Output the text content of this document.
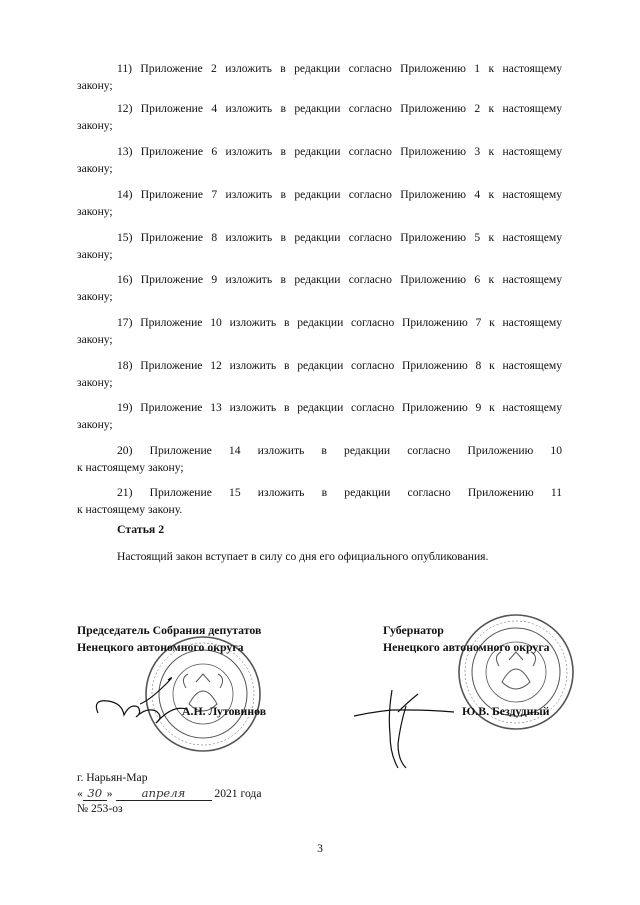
11) Приложение 2 изложить в редакции согласно Приложению 1 к настоящему
закону;
12) Приложение 4 изложить в редакции согласно Приложению 2 к настоящему
закону;
13) Приложение 6 изложить в редакции согласно Приложению 3 к настоящему
закону;
14) Приложение 7 изложить в редакции согласно Приложению 4 к настоящему
закону;
15) Приложение 8 изложить в редакции согласно Приложению 5 к настоящему
закону;
16) Приложение 9 изложить в редакции согласно Приложению 6 к настоящему
закону;
17) Приложение 10 изложить в редакции согласно Приложению 7 к настоящему
закону;
18) Приложение 12 изложить в редакции согласно Приложению 8 к настоящему
закону;
19) Приложение 13 изложить в редакции согласно Приложению 9 к настоящему
закону;
20) Приложение 14 изложить в редакции согласно Приложению 10
к настоящему закону;
21) Приложение 15 изложить в редакции согласно Приложению 11
к настоящему закону.
Статья 2
Настоящий закон вступает в силу со дня его официального опубликования.
Председатель Собрания депутатов
Ненецкого автономного округа
А.Н. Лутовинов
Губернатор
Ненецкого автономного округа
Ю.В. Бездудный
г. Нарьян-Мар
« 30 »	апреля	2021 года
№ 253-оз
3
